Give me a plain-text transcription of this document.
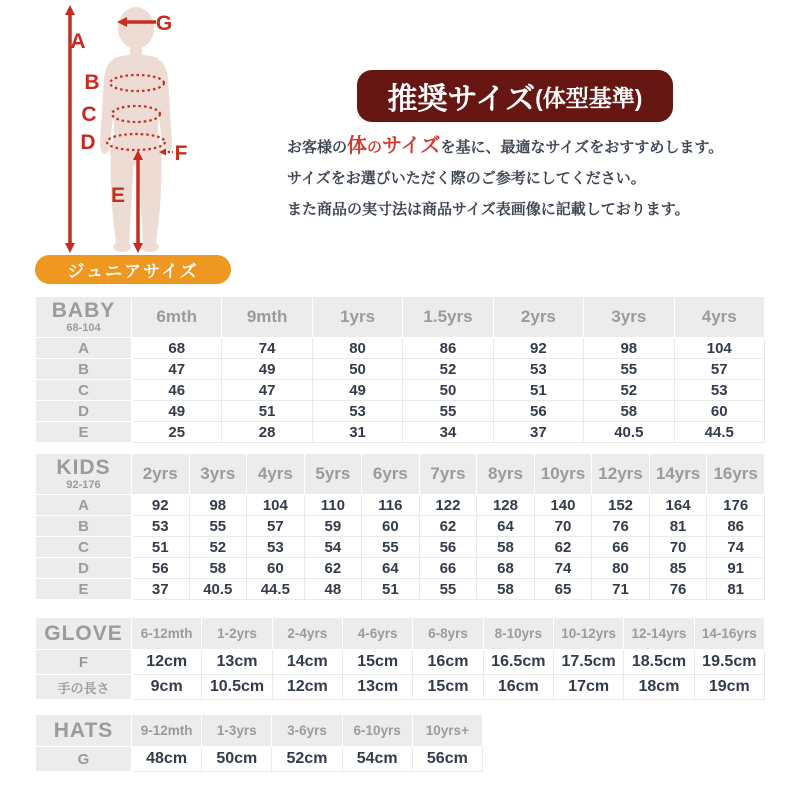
A
B
C
D
E
F
G
ジュニアサイズ
推奨サイズ (体型基準)
お客様の体のサイズを基に、最適なサイズをおすすめします。
サイズをお選びいただく際のご参考にしてください。
また商品の実寸法は商品サイズ表画像に記載しております。
BABY
68-104	6mth	9mth	1yrs	1.5yrs	2yrs	3yrs	4yrs
A	68	74	80	86	92	98	104
B	47	49	50	52	53	55	57
C	46	47	49	50	51	52	53
D	49	51	53	55	56	58	60
E	25	28	31	34	37	40.5	44.5
KIDS
92-176	2yrs	3yrs	4yrs	5yrs	6yrs	7yrs	8yrs	10yrs	12yrs	14yrs	16yrs
A	92	98	104	110	116	122	128	140	152	164	176
B	53	55	57	59	60	62	64	70	76	81	86
C	51	52	53	54	55	56	58	62	66	70	74
D	56	58	60	62	64	66	68	74	80	85	91
E	37	40.5	44.5	48	51	55	58	65	71	76	81
GLOVE	6-12mth	1-2yrs	2-4yrs	4-6yrs	6-8yrs	8-10yrs	10-12yrs	12-14yrs	14-16yrs
F	12cm	13cm	14cm	15cm	16cm	16.5cm	17.5cm	18.5cm	19.5cm
手の長さ	9cm	10.5cm	12cm	13cm	15cm	16cm	17cm	18cm	19cm
HATS	9-12mth	1-3yrs	3-6yrs	6-10yrs	10yrs+
G	48cm	50cm	52cm	54cm	56cm
